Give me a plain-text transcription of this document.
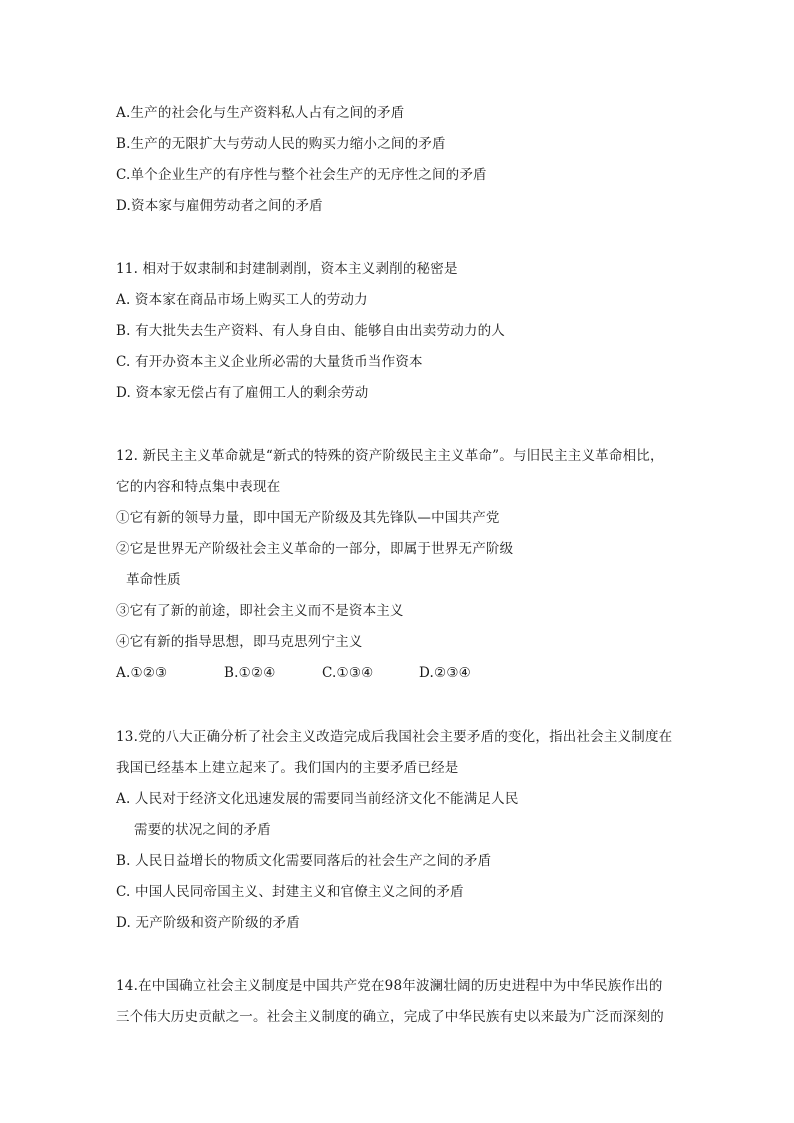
A.生产的社会化与生产资料私人占有之间的矛盾
B.生产的无限扩大与劳动人民的购买力缩小之间的矛盾
C.单个企业生产的有序性与整个社会生产的无序性之间的矛盾
D.资本家与雇佣劳动者之间的矛盾
11. 相对于奴隶制和封建制剥削，资本主义剥削的秘密是
A. 资本家在商品市场上购买工人的劳动力
B. 有大批失去生产资料、有人身自由、能够自由出卖劳动力的人
C. 有开办资本主义企业所必需的大量货币当作资本
D. 资本家无偿占有了雇佣工人的剩余劳动
12. 新民主主义革命就是“新式的特殊的资产阶级民主主义革命”。与旧民主主义革命相比，
它的内容和特点集中表现在
①它有新的领导力量，即中国无产阶级及其先锋队—中国共产党
②它是世界无产阶级社会主义革命的一部分，即属于世界无产阶级
革命性质
③它有了新的前途，即社会主义而不是资本主义
④它有新的指导思想，即马克思列宁主义
A.①②③	B.①②④	C.①③④	D.②③④
13.党的八大正确分析了社会主义改造完成后我国社会主要矛盾的变化，指出社会主义制度在
我国已经基本上建立起来了。我们国内的主要矛盾已经是
A. 人民对于经济文化迅速发展的需要同当前经济文化不能满足人民
需要的状况之间的矛盾
B. 人民日益增长的物质文化需要同落后的社会生产之间的矛盾
C. 中国人民同帝国主义、封建主义和官僚主义之间的矛盾
D. 无产阶级和资产阶级的矛盾
14.在中国确立社会主义制度是中国共产党在98年波澜壮阔的历史进程中为中华民族作出的
三个伟大历史贡献之一。社会主义制度的确立，完成了中华民族有史以来最为广泛而深刻的
